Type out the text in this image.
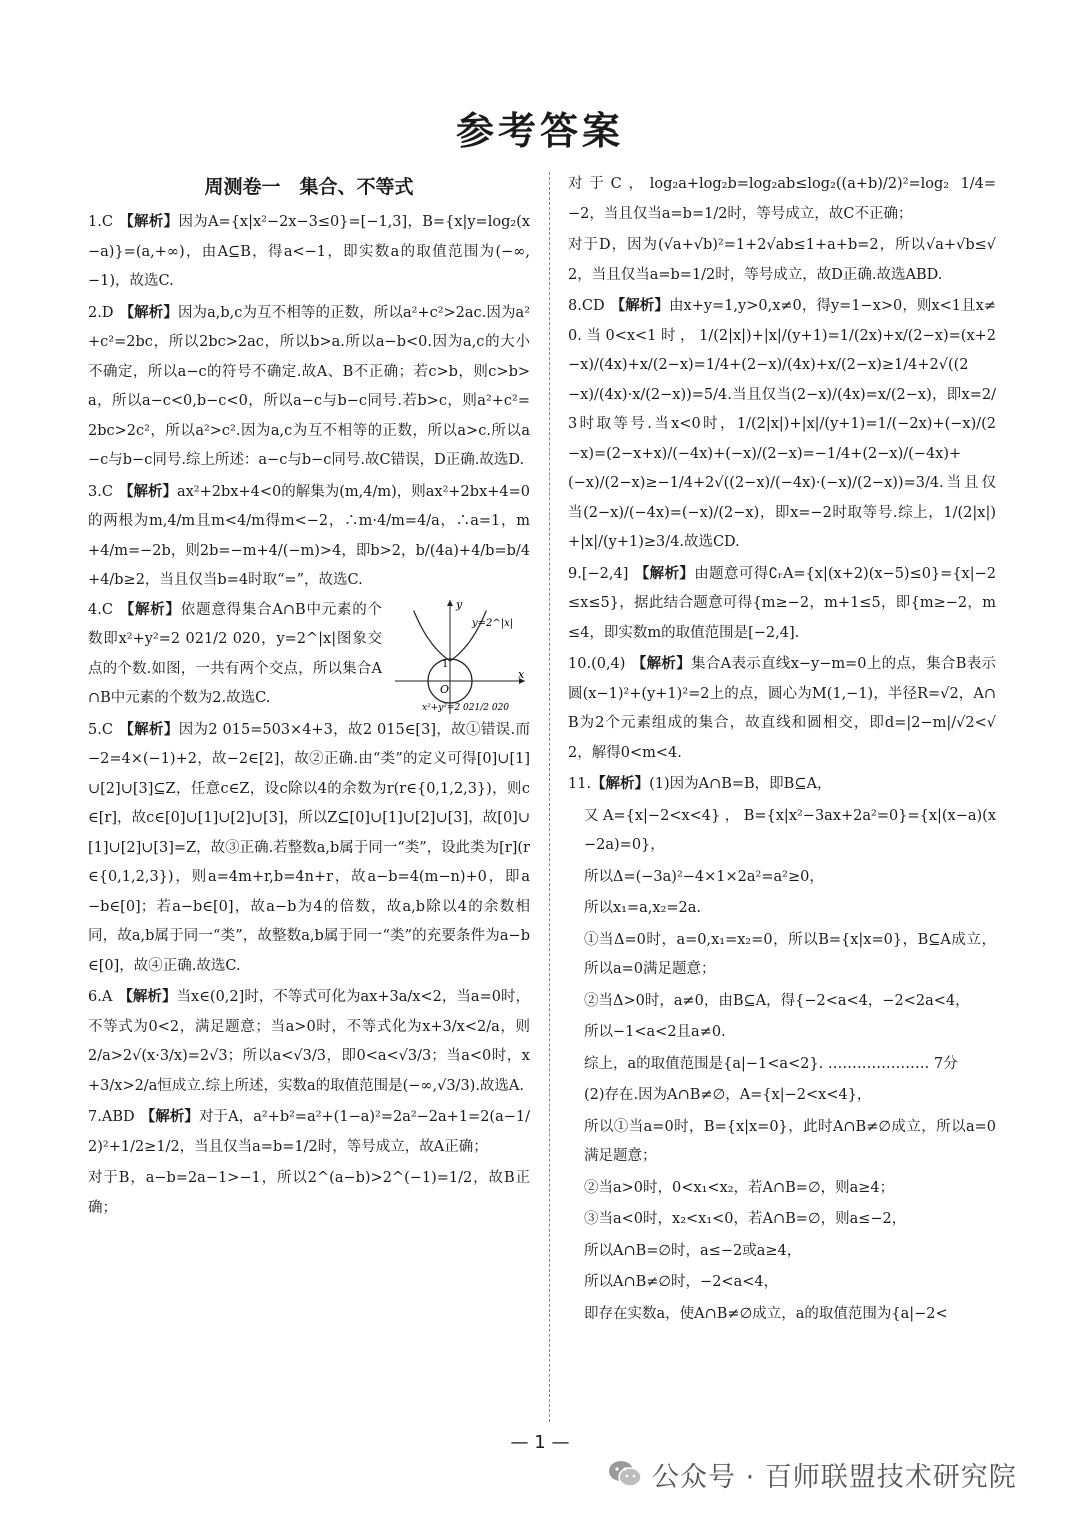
参考答案
周测卷一　集合、不等式

1.C 【解析】因为A={x|x²−2x−3≤0}=[−1,3]，B={x|y=log₂(x−a)}=(a,+∞)，由A⊆B，得a<−1，即实数a的取值范围为(−∞,−1)，故选C.

2.D 【解析】因为a,b,c为互不相等的正数，所以a²+c²>2ac.因为a²+c²=2bc，所以2bc>2ac，所以b>a.所以a−b<0.因为a,c的大小不确定，所以a−c的符号不确定.故A、B不正确；若c>b，则c>b>a，所以a−c<0,b−c<0，所以a−c与b−c同号.若b>c，则a²+c²=2bc>2c²，所以a²>c².因为a,c为互不相等的正数，所以a>c.所以a−c与b−c同号.综上所述：a−c与b−c同号.故C错误，D正确.故选D.

3.C 【解析】ax²+2bx+4<0的解集为(m,4/m)，则ax²+2bx+4=0的两根为m,4/m且m<4/m得m<−2，∴m·4/m=4/a，∴a=1，m+4/m=−2b，则2b=−m+4/(−m)>4，即b>2，b/(4a)+4/b=b/4+4/b≥2，当且仅当b=4时取“=”，故选C.

4.C 【解析】依题意得集合A∩B中元素的个数即x²+y²=2 021/2 020，y=2^|x|图象交点的个数.如图，一共有两个交点，所以集合A∩B中元素的个数为2.故选C.

y
x
O
1
y=2^|x|
x²+y²=2 021/2 020

5.C 【解析】因为2 015=503×4+3，故2 015∈[3]，故①错误.而−2=4×(−1)+2，故−2∈[2]，故②正确.由“类”的定义可得[0]∪[1]∪[2]∪[3]⊆Z，任意c∈Z，设c除以4的余数为r(r∈{0,1,2,3})，则c∈[r]，故c∈[0]∪[1]∪[2]∪[3]，所以Z⊆[0]∪[1]∪[2]∪[3]，故[0]∪[1]∪[2]∪[3]=Z，故③正确.若整数a,b属于同一“类”，设此类为[r](r∈{0,1,2,3})，则a=4m+r,b=4n+r，故a−b=4(m−n)+0，即a−b∈[0]；若a−b∈[0]，故a−b为4的倍数，故a,b除以4的余数相同，故a,b属于同一“类”，故整数a,b属于同一“类”的充要条件为a−b∈[0]，故④正确.故选C.

6.A 【解析】当x∈(0,2]时，不等式可化为ax+3a/x<2，当a=0时，不等式为0<2，满足题意；当a>0时，不等式化为x+3/x<2/a，则2/a>2√(x·3/x)=2√3；所以a<√3/3，即0<a<√3/3；当a<0时，x+3/x>2/a恒成立.综上所述，实数a的取值范围是(−∞,√3/3).故选A.

7.ABD 【解析】对于A，a²+b²=a²+(1−a)²=2a²−2a+1=2(a−1/2)²+1/2≥1/2，当且仅当a=b=1/2时，等号成立，故A正确；

对于B，a−b=2a−1>−1，所以2^(a−b)>2^(−1)=1/2，故B正确；

对于C，log₂a+log₂b=log₂ab≤log₂((a+b)/2)²=log₂ 1/4=−2，当且仅当a=b=1/2时，等号成立，故C不正确；

对于D，因为(√a+√b)²=1+2√ab≤1+a+b=2，所以√a+√b≤√2，当且仅当a=b=1/2时，等号成立，故D正确.故选ABD.

8.CD 【解析】由x+y=1,y>0,x≠0，得y=1−x>0，则x<1且x≠0.当0<x<1时，1/(2|x|)+|x|/(y+1)=1/(2x)+x/(2−x)=(x+2−x)/(4x)+x/(2−x)=1/4+(2−x)/(4x)+x/(2−x)≥1/4+2√((2−x)/(4x)·x/(2−x))=5/4.当且仅当(2−x)/(4x)=x/(2−x)，即x=2/3时取等号.当x<0时，1/(2|x|)+|x|/(y+1)=1/(−2x)+(−x)/(2−x)=(2−x+x)/(−4x)+(−x)/(2−x)=−1/4+(2−x)/(−4x)+(−x)/(2−x)≥−1/4+2√((2−x)/(−4x)·(−x)/(2−x))=3/4.当且仅当(2−x)/(−4x)=(−x)/(2−x)，即x=−2时取等号.综上，1/(2|x|)+|x|/(y+1)≥3/4.故选CD.

9.[−2,4] 【解析】由题意可得∁ᵣA={x|(x+2)(x−5)≤0}={x|−2≤x≤5}，据此结合题意可得{m≥−2，m+1≤5，即{m≥−2，m≤4，即实数m的取值范围是[−2,4].

10.(0,4) 【解析】集合A表示直线x−y−m=0上的点，集合B表示圆(x−1)²+(y+1)²=2上的点，圆心为M(1,−1)，半径R=√2，A∩B为2个元素组成的集合，故直线和圆相交，即d=|2−m|/√2<√2，解得0<m<4.

11.【解析】(1)因为A∩B=B，即B⊆A，

又A={x|−2<x<4}，B={x|x²−3ax+2a²=0}={x|(x−a)(x−2a)=0}，

所以Δ=(−3a)²−4×1×2a²=a²≥0，

所以x₁=a,x₂=2a.

①当Δ=0时，a=0,x₁=x₂=0，所以B={x|x=0}，B⊆A成立，所以a=0满足题意；

②当Δ>0时，a≠0，由B⊆A，得{−2<a<4，−2<2a<4，

所以−1<a<2且a≠0.

综上，a的取值范围是{a|−1<a<2}. ………………… 7分

(2)存在.因为A∩B≠∅，A={x|−2<x<4}，

所以①当a=0时，B={x|x=0}，此时A∩B≠∅成立，所以a=0满足题意；

②当a>0时，0<x₁<x₂，若A∩B=∅，则a≥4；

③当a<0时，x₂<x₁<0，若A∩B=∅，则a≤−2，

所以A∩B=∅时，a≤−2或a≥4，

所以A∩B≠∅时，−2<a<4，

即存在实数a，使A∩B≠∅成立，a的取值范围为{a|−2<

— 1 —
公众号 · 百师联盟技术研究院
